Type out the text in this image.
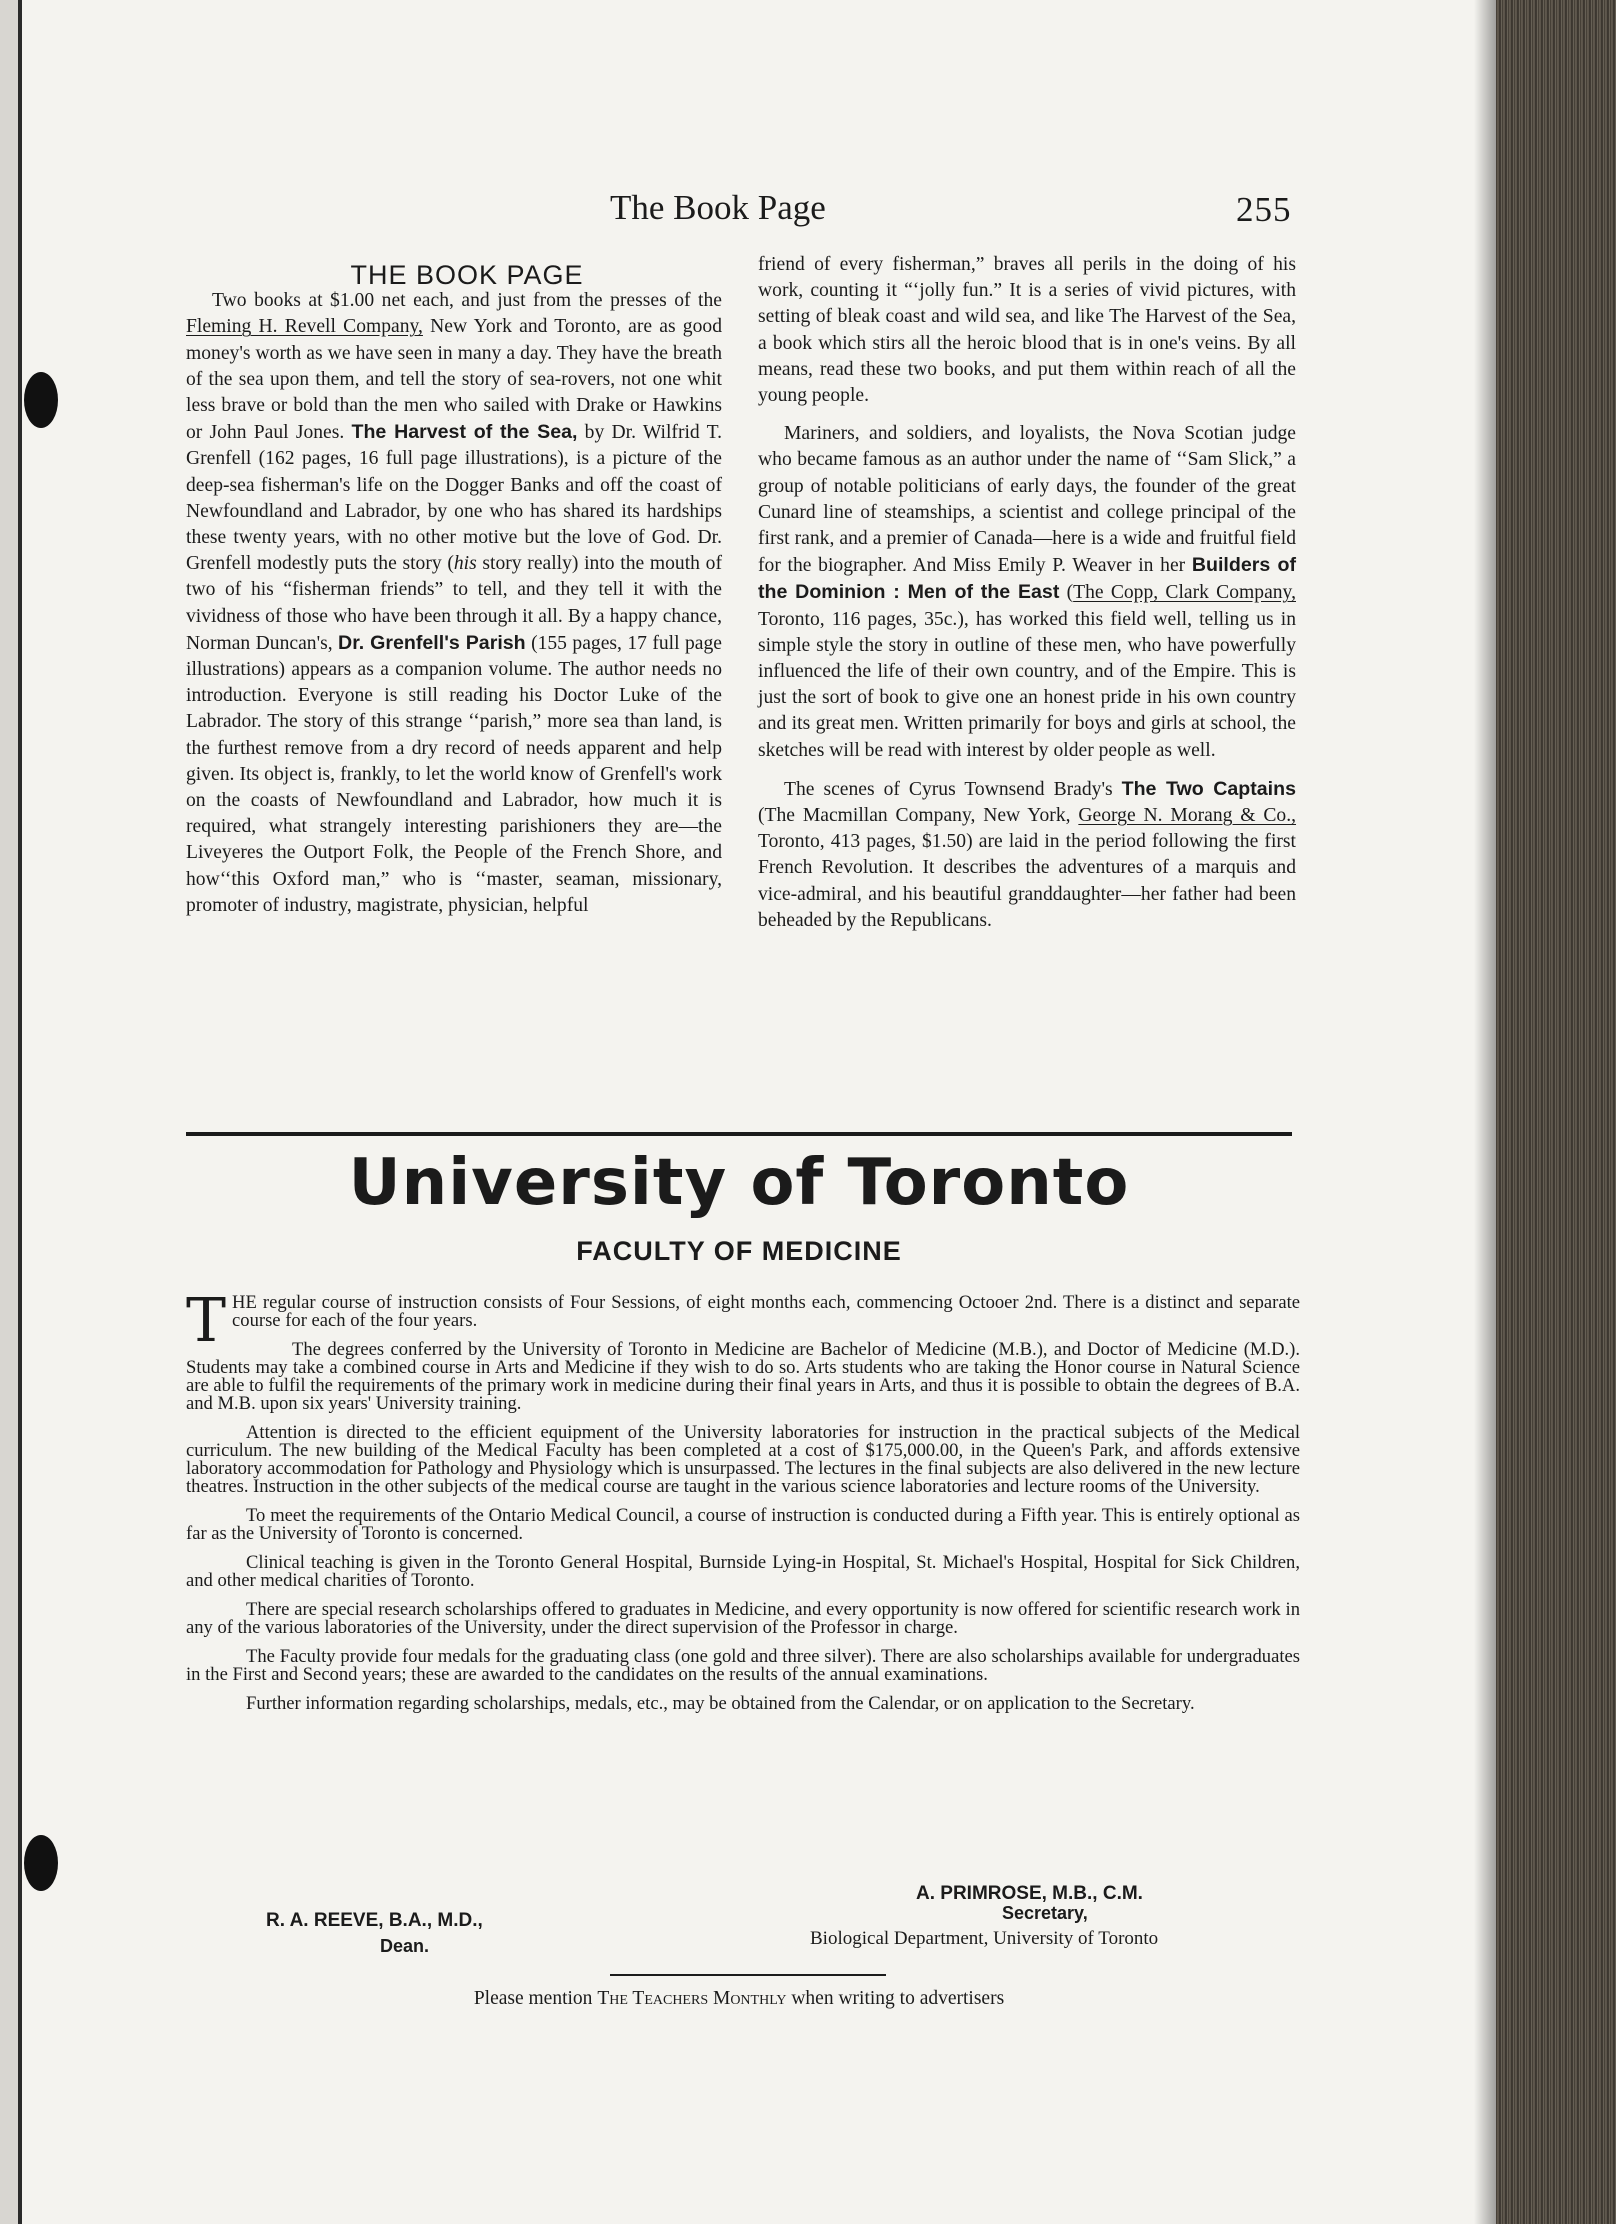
The Book Page	255

THE BOOK PAGE

Two books at $1.00 net each, and just from the presses of the Fleming H. Revell Company, New York and Toronto, are as good money's worth as we have seen in many a day. They have the breath of the sea upon them, and tell the story of sea-rovers, not one whit less brave or bold than the men who sailed with Drake or Hawkins or John Paul Jones. The Harvest of the Sea, by Dr. Wilfrid T. Grenfell (162 pages, 16 full page illustrations), is a picture of the deep-sea fisherman's life on the Dogger Banks and off the coast of Newfoundland and Labrador, by one who has shared its hardships these twenty years, with no other motive but the love of God. Dr. Grenfell modestly puts the story (his story really) into the mouth of two of his “fisherman friends” to tell, and they tell it with the vividness of those who have been through it all. By a happy chance, Norman Duncan's, Dr. Grenfell's Parish (155 pages, 17 full page illustrations) appears as a companion volume. The author needs no introduction. Everyone is still reading his Doctor Luke of the Labrador. The story of this strange ‘‘parish,” more sea than land, is the furthest remove from a dry record of needs apparent and help given. Its object is, frankly, to let the world know of Grenfell's work on the coasts of Newfoundland and Labrador, how much it is required, what strangely interesting parishioners they are—the Liveyeres the Outport Folk, the People of the French Shore, and how‘‘this Oxford man,” who is ‘‘master, seaman, missionary, promoter of industry, magistrate, physician, helpful

friend of every fisherman,” braves all perils in the doing of his work, counting it “‘jolly fun.” It is a series of vivid pictures, with setting of bleak coast and wild sea, and like The Harvest of the Sea, a book which stirs all the heroic blood that is in one's veins. By all means, read these two books, and put them within reach of all the young people.

Mariners, and soldiers, and loyalists, the Nova Scotian judge who became famous as an author under the name of ‘‘Sam Slick,” a group of notable politicians of early days, the founder of the great Cunard line of steamships, a scientist and college principal of the first rank, and a premier of Canada—here is a wide and fruitful field for the biographer. And Miss Emily P. Weaver in her Builders of the Dominion : Men of the East (The Copp, Clark Company, Toronto, 116 pages, 35c.), has worked this field well, telling us in simple style the story in outline of these men, who have powerfully influenced the life of their own country, and of the Empire. This is just the sort of book to give one an honest pride in his own country and its great men. Written primarily for boys and girls at school, the sketches will be read with interest by older people as well.

The scenes of Cyrus Townsend Brady's The Two Captains (The Macmillan Company, New York, George N. Morang & Co., Toronto, 413 pages, $1.50) are laid in the period following the first French Revolution. It describes the adventures of a marquis and vice-admiral, and his beautiful granddaughter—her father had been beheaded by the Republicans.

University of Toronto
FACULTY OF MEDICINE

THE regular course of instruction consists of Four Sessions, of eight months each, commencing Octooer 2nd. There is a distinct and separate course for each of the four years.

The degrees conferred by the University of Toronto in Medicine are Bachelor of Medicine (M.B.), and Doctor of Medicine (M.D.). Students may take a combined course in Arts and Medicine if they wish to do so. Arts students who are taking the Honor course in Natural Science are able to fulfil the requirements of the primary work in medicine during their final years in Arts, and thus it is possible to obtain the degrees of B.A. and M.B. upon six years' University training.

Attention is directed to the efficient equipment of the University laboratories for instruction in the practical subjects of the Medical curriculum. The new building of the Medical Faculty has been completed at a cost of $175,000.00, in the Queen's Park, and affords extensive laboratory accommodation for Pathology and Physiology which is unsurpassed. The lectures in the final subjects are also delivered in the new lecture theatres. Instruction in the other subjects of the medical course are taught in the various science laboratories and lecture rooms of the University.

To meet the requirements of the Ontario Medical Council, a course of instruction is conducted during a Fifth year. This is entirely optional as far as the University of Toronto is concerned.

Clinical teaching is given in the Toronto General Hospital, Burnside Lying-in Hospital, St. Michael's Hospital, Hospital for Sick Children, and other medical charities of Toronto.

There are special research scholarships offered to graduates in Medicine, and every opportunity is now offered for scientific research work in any of the various laboratories of the University, under the direct supervision of the Professor in charge.

The Faculty provide four medals for the graduating class (one gold and three silver). There are also scholarships available for undergraduates in the First and Second years; these are awarded to the candidates on the results of the annual examinations.

Further information regarding scholarships, medals, etc., may be obtained from the Calendar, or on application to the Secretary.

A. PRIMROSE, M.B., C.M.
Secretary,
Biological Department, University of Toronto
R. A. REEVE, B.A., M.D.,
Dean.
Please mention The Teachers Monthly when writing to advertisers
